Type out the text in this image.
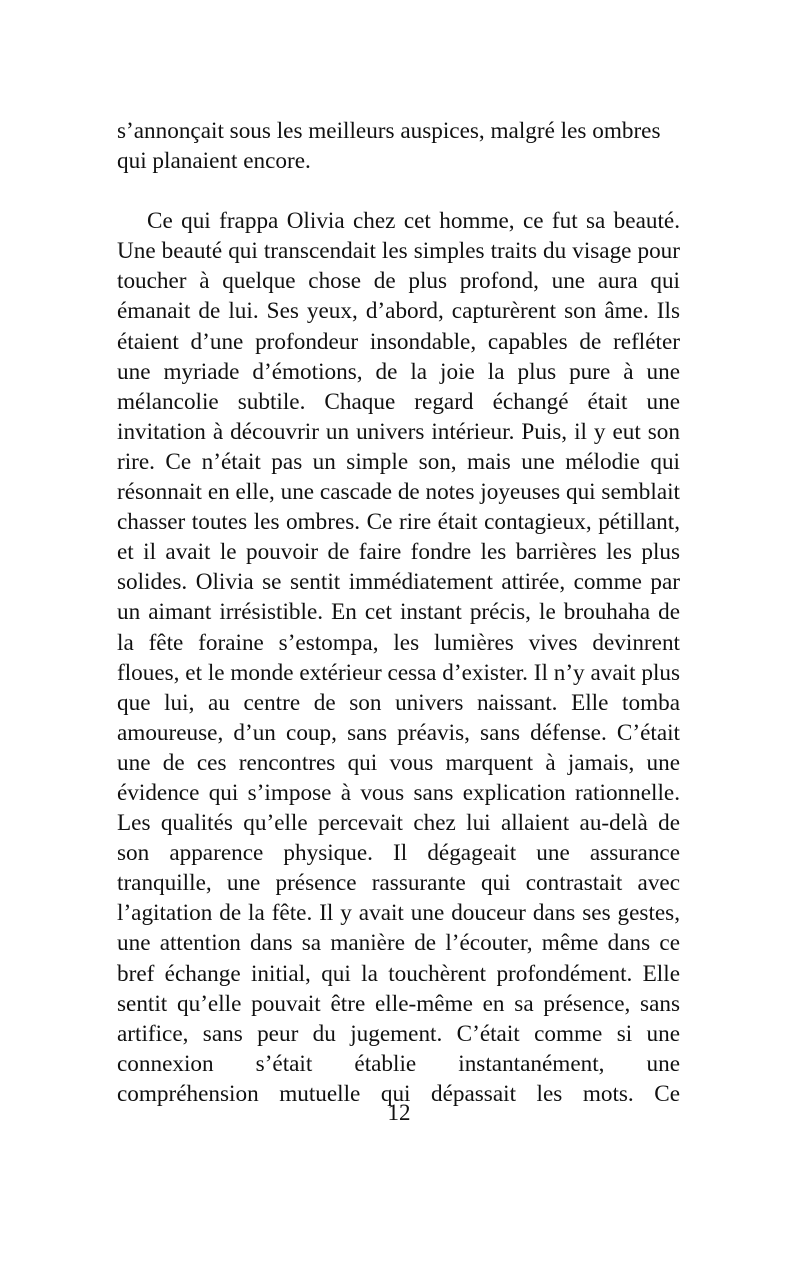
s’annonçait sous les meilleurs auspices, malgré les ombres qui planaient encore.

Ce qui frappa Olivia chez cet homme, ce fut sa beauté. Une beauté qui transcendait les simples traits du visage pour toucher à quelque chose de plus profond, une aura qui émanait de lui. Ses yeux, d’abord, capturèrent son âme. Ils étaient d’une profondeur insondable, capables de refléter une myriade d’émotions, de la joie la plus pure à une mélancolie subtile. Chaque regard échangé était une invitation à découvrir un univers intérieur. Puis, il y eut son rire. Ce n’était pas un simple son, mais une mélodie qui résonnait en elle, une cascade de notes joyeuses qui semblait chasser toutes les ombres. Ce rire était contagieux, pétillant, et il avait le pouvoir de faire fondre les barrières les plus solides. Olivia se sentit immédiatement attirée, comme par un aimant irrésistible. En cet instant précis, le brouhaha de la fête foraine s’estompa, les lumières vives devinrent floues, et le monde extérieur cessa d’exister. Il n’y avait plus que lui, au centre de son univers naissant. Elle tomba amoureuse, d’un coup, sans préavis, sans défense. C’était une de ces rencontres qui vous marquent à jamais, une évidence qui s’impose à vous sans explication rationnelle. Les qualités qu’elle percevait chez lui allaient au-delà de son apparence physique. Il dégageait une assurance tranquille, une présence rassurante qui contrastait avec l’agitation de la fête. Il y avait une douceur dans ses gestes, une attention dans sa manière de l’écouter, même dans ce bref échange initial, qui la touchèrent profondément. Elle sentit qu’elle pouvait être elle-même en sa présence, sans artifice, sans peur du jugement. C’était comme si une connexion s’était établie instantanément, une compréhension mutuelle qui dépassait les mots. Ce

12
